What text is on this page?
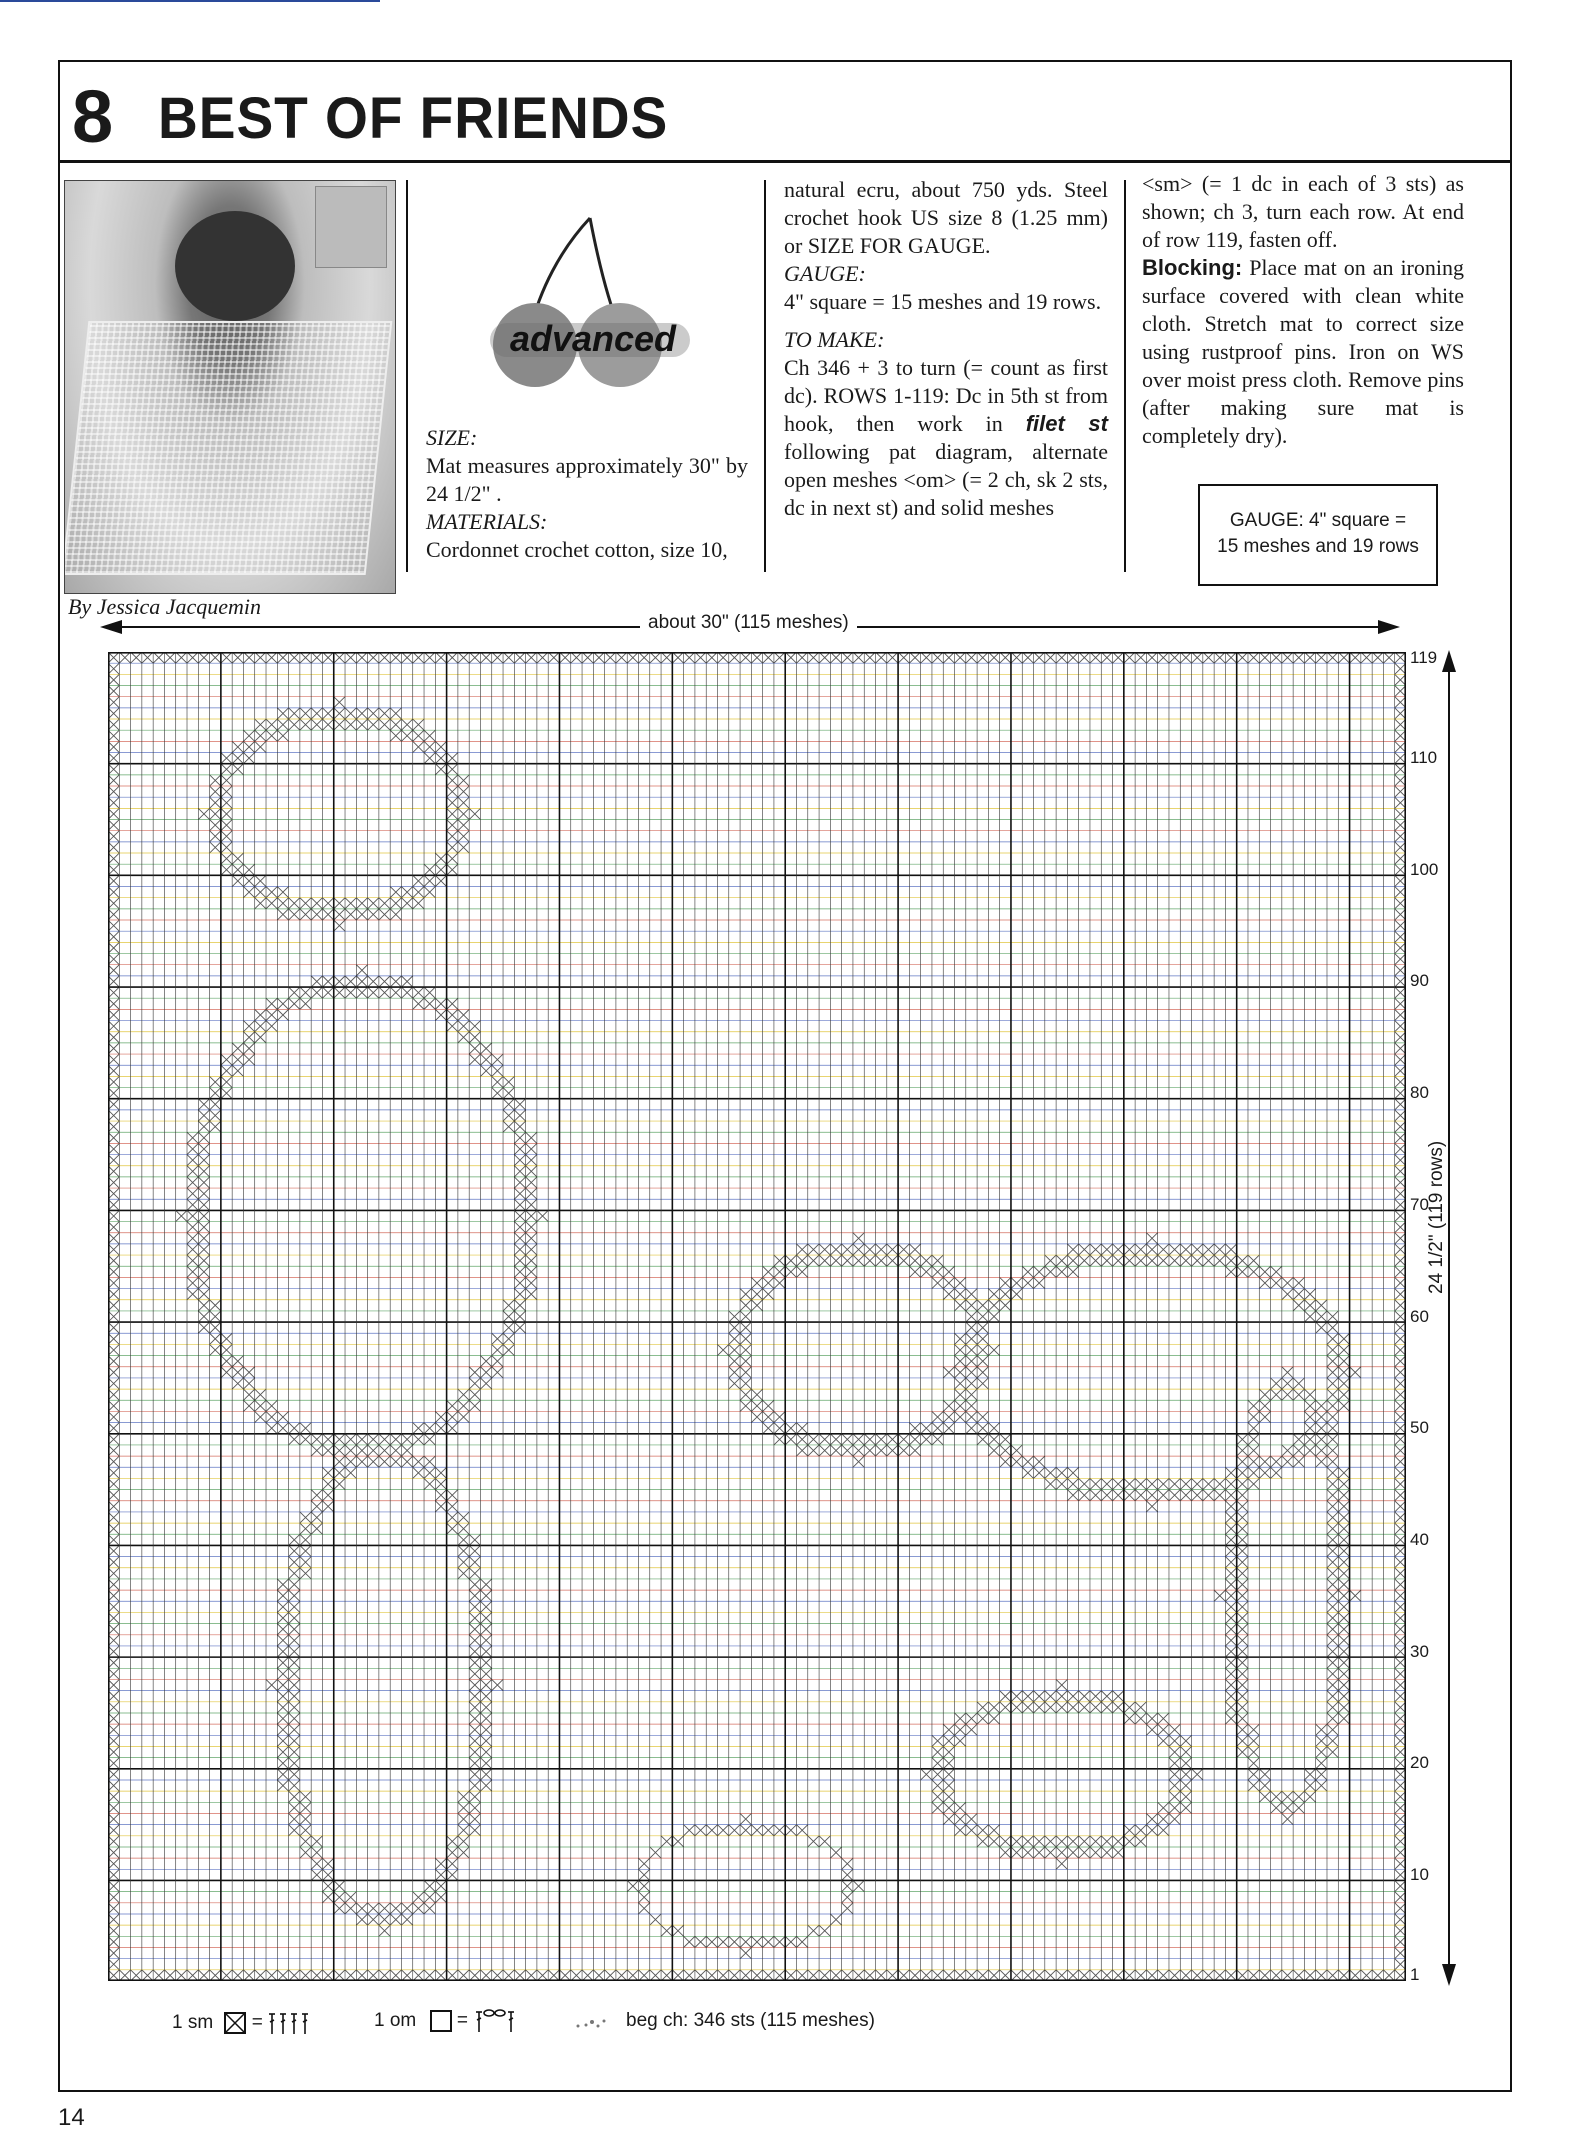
8 BEST OF FRIENDS
By Jessica Jacquemin
advanced
SIZE:
Mat measures approximately 30" by 24 1/2" .
MATERIALS:
Cordonnet crochet cotton, size 10,
natural ecru, about 750 yds. Steel crochet hook US size 8 (1.25 mm) or SIZE FOR GAUGE.
GAUGE:
4" square = 15 meshes and 19 rows.
TO MAKE:
Ch 346 + 3 to turn (= count as first dc). ROWS 1-119: Dc in 5th st from hook, then work in filet st following pat diagram, alternate open meshes <om> (= 2 ch, sk 2 sts, dc in next st) and solid meshes
<sm> (= 1 dc in each of 3 sts) as shown; ch 3, turn each row. At end of row 119, fasten off.
Blocking: Place mat on an ironing surface covered with clean white cloth. Stretch mat to correct size using rustproof pins. Iron on WS over moist press cloth. Remove pins (after making sure mat is completely dry).
GAUGE: 4" square =
15 meshes and 19 rows
about 30" (115 meshes)
24 1/2" (119 rows)
119
110
100
90
80
70
60
50
40
30
20
10
1
1 sm =	1 om =	beg ch: 346 sts (115 meshes)
14
